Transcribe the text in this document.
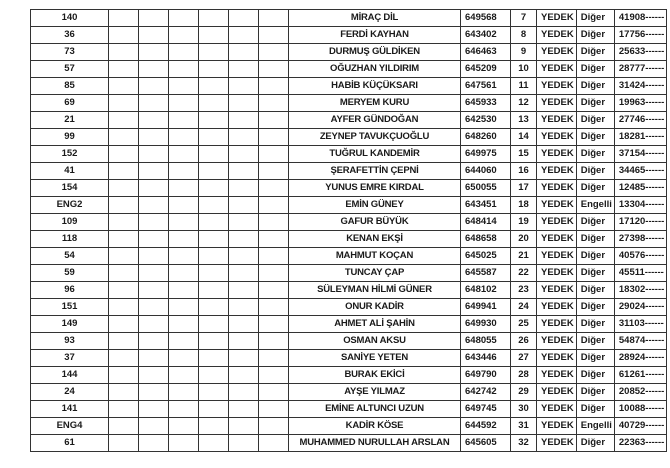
140							MİRAÇ DİL	649568	7	YEDEK	Diğer	41908------
36							FERDİ KAYHAN	643402	8	YEDEK	Diğer	17756------
73							DURMUŞ GÜLDİKEN	646463	9	YEDEK	Diğer	25633------
57							OĞUZHAN YILDIRIM	645209	10	YEDEK	Diğer	28777------
85							HABİB KÜÇÜKSARI	647561	11	YEDEK	Diğer	31424------
69							MERYEM KURU	645933	12	YEDEK	Diğer	19963------
21							AYFER GÜNDOĞAN	642530	13	YEDEK	Diğer	27746------
99							ZEYNEP TAVUKÇUOĞLU	648260	14	YEDEK	Diğer	18281------
152							TUĞRUL KANDEMİR	649975	15	YEDEK	Diğer	37154------
41							ŞERAFETTİN ÇEPNİ	644060	16	YEDEK	Diğer	34465------
154							YUNUS EMRE KIRDAL	650055	17	YEDEK	Diğer	12485------
ENG2							EMİN GÜNEY	643451	18	YEDEK	Engelli	13304------
109							GAFUR BÜYÜK	648414	19	YEDEK	Diğer	17120------
118							KENAN EKŞİ	648658	20	YEDEK	Diğer	27398------
54							MAHMUT KOÇAN	645025	21	YEDEK	Diğer	40576------
59							TUNCAY ÇAP	645587	22	YEDEK	Diğer	45511------
96							SÜLEYMAN HİLMİ GÜNER	648102	23	YEDEK	Diğer	18302------
151							ONUR KADİR	649941	24	YEDEK	Diğer	29024------
149							AHMET ALİ ŞAHİN	649930	25	YEDEK	Diğer	31103------
93							OSMAN AKSU	648055	26	YEDEK	Diğer	54874------
37							SANİYE YETEN	643446	27	YEDEK	Diğer	28924------
144							BURAK EKİCİ	649790	28	YEDEK	Diğer	61261------
24							AYŞE YILMAZ	642742	29	YEDEK	Diğer	20852------
141							EMİNE ALTUNCI UZUN	649745	30	YEDEK	Diğer	10088------
ENG4							KADİR KÖSE	644592	31	YEDEK	Engelli	40729------
61							MUHAMMED NURULLAH ARSLAN	645605	32	YEDEK	Diğer	22363------
